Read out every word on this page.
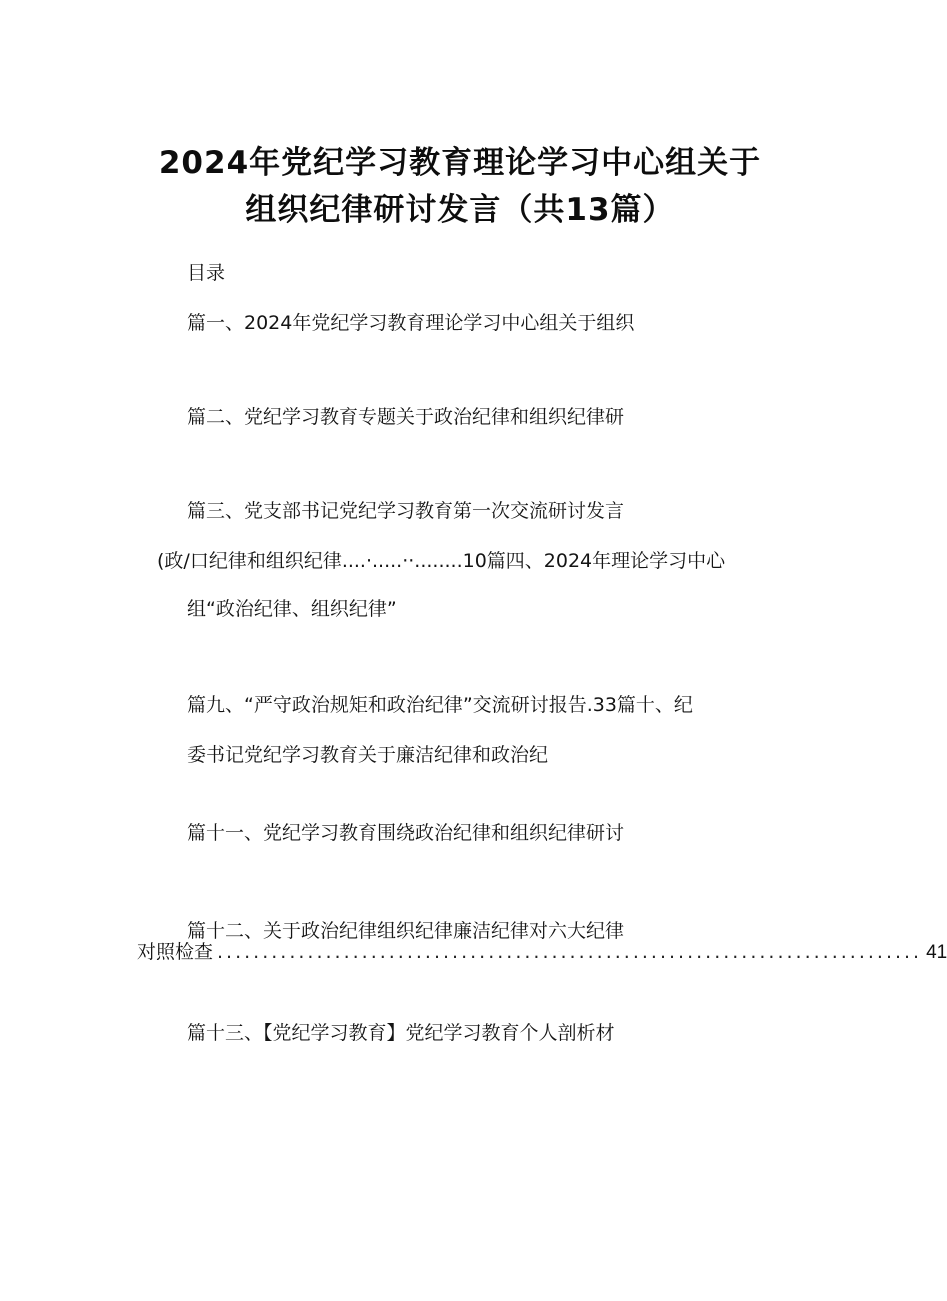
2024年党纪学习教育理论学习中心组关于
组织纪律研讨发言（共13篇）
目录
篇一、2024年党纪学习教育理论学习中心组关于组织
篇二、党纪学习教育专题关于政治纪律和组织纪律研
篇三、党支部书记党纪学习教育第一次交流研讨发言
(政/口纪律和组织纪律....·.....··........10篇四、2024年理论学习中心
组“政治纪律、组织纪律”
篇九、“严守政治规矩和政治纪律”交流研讨报告.33篇十、纪
委书记党纪学习教育关于廉洁纪律和政治纪
篇十一、党纪学习教育围绕政治纪律和组织纪律研讨
篇十二、关于政治纪律组织纪律廉洁纪律对六大纪律
对照检查 .............................................................................. 41
篇十三、【党纪学习教育】党纪学习教育个人剖析材
